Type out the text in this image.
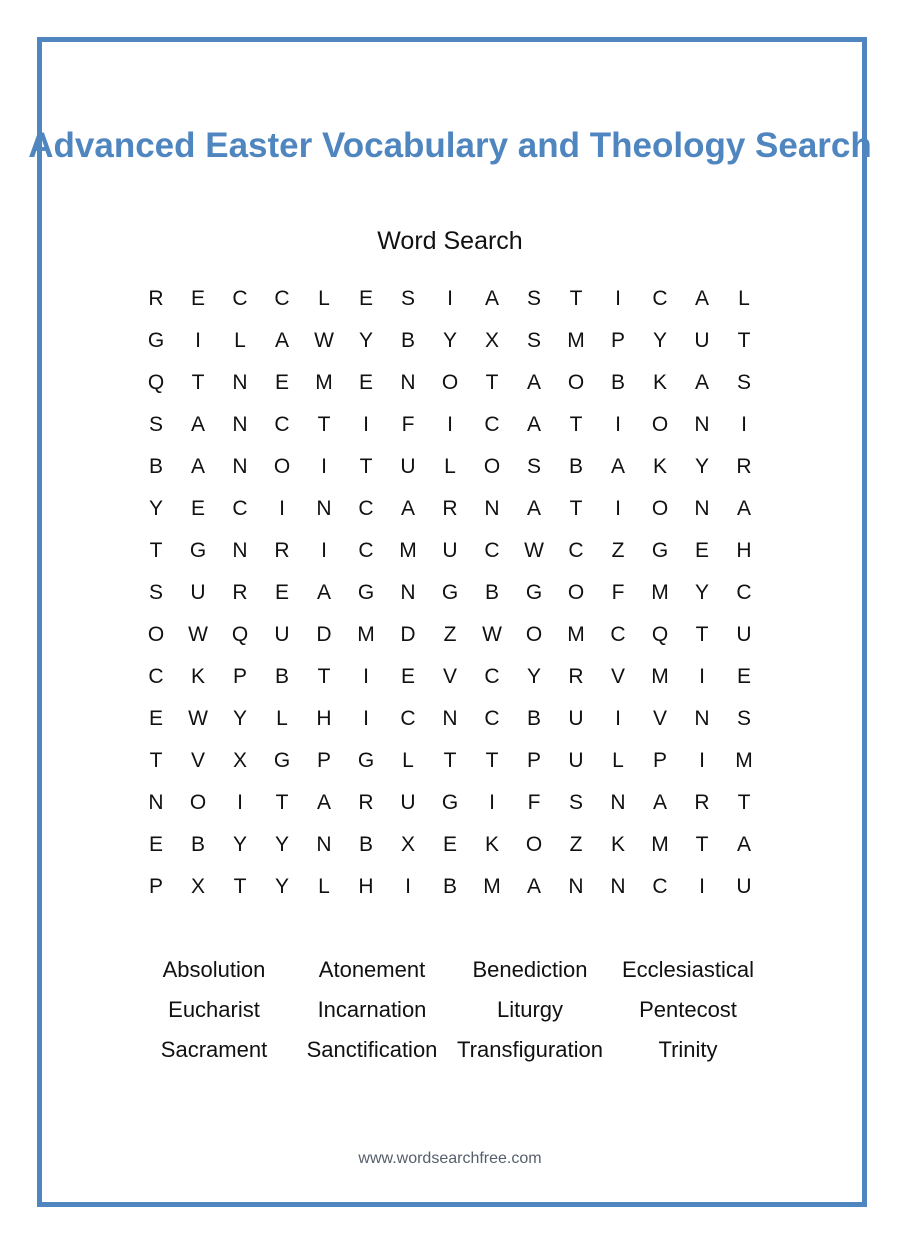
Advanced Easter Vocabulary and Theology Search
Word Search
R	E	C	C	L	E	S	I	A	S	T	I	C	A	L
G	I	L	A	W	Y	B	Y	X	S	M	P	Y	U	T
Q	T	N	E	M	E	N	O	T	A	O	B	K	A	S
S	A	N	C	T	I	F	I	C	A	T	I	O	N	I
B	A	N	O	I	T	U	L	O	S	B	A	K	Y	R
Y	E	C	I	N	C	A	R	N	A	T	I	O	N	A
T	G	N	R	I	C	M	U	C	W	C	Z	G	E	H
S	U	R	E	A	G	N	G	B	G	O	F	M	Y	C
O	W	Q	U	D	M	D	Z	W	O	M	C	Q	T	U
C	K	P	B	T	I	E	V	C	Y	R	V	M	I	E
E	W	Y	L	H	I	C	N	C	B	U	I	V	N	S
T	V	X	G	P	G	L	T	T	P	U	L	P	I	M
N	O	I	T	A	R	U	G	I	F	S	N	A	R	T
E	B	Y	Y	N	B	X	E	K	O	Z	K	M	T	A
P	X	T	Y	L	H	I	B	M	A	N	N	C	I	U
Absolution	Atonement	Benediction	Ecclesiastical
Eucharist	Incarnation	Liturgy	Pentecost
Sacrament	Sanctification Transfiguration	Trinity
www.wordsearchfree.com
